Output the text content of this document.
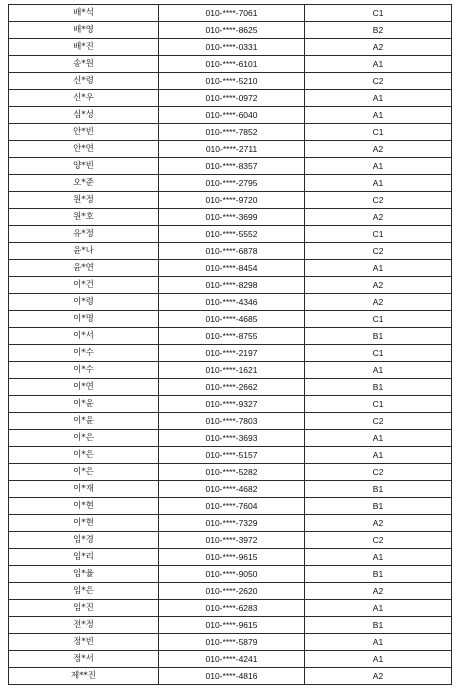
배*석	010-****-7061	C1
배*영	010-****-8625	B2
배*진	010-****-0331	A2
송*원	010-****-6101	A1
신*령	010-****-5210	C2
신*우	010-****-0972	A1
심*성	010-****-6040	A1
안*빈	010-****-7852	C1
안*연	010-****-2711	A2
양*빈	010-****-8357	A1
오*준	010-****-2795	A1
원*정	010-****-9720	C2
원*호	010-****-3699	A2
유*정	010-****-5552	C1
윤*나	010-****-6878	C2
윤*연	010-****-8454	A1
이*건	010-****-8298	A2
이*령	010-****-4346	A2
이*명	010-****-4685	C1
이*서	010-****-8755	B1
이*수	010-****-2197	C1
이*수	010-****-1621	A1
이*연	010-****-2662	B1
이*윤	010-****-9327	C1
이*윤	010-****-7803	C2
이*은	010-****-3693	A1
이*은	010-****-5157	A1
이*은	010-****-5282	C2
이*재	010-****-4682	B1
이*현	010-****-7604	B1
이*현	010-****-7329	A2
임*경	010-****-3972	C2
임*리	010-****-9615	A1
임*율	010-****-9050	B1
임*은	010-****-2620	A2
임*진	010-****-6283	A1
전*정	010-****-9615	B1
정*빈	010-****-5879	A1
정*서	010-****-4241	A1
제**진	010-****-4816	A2
